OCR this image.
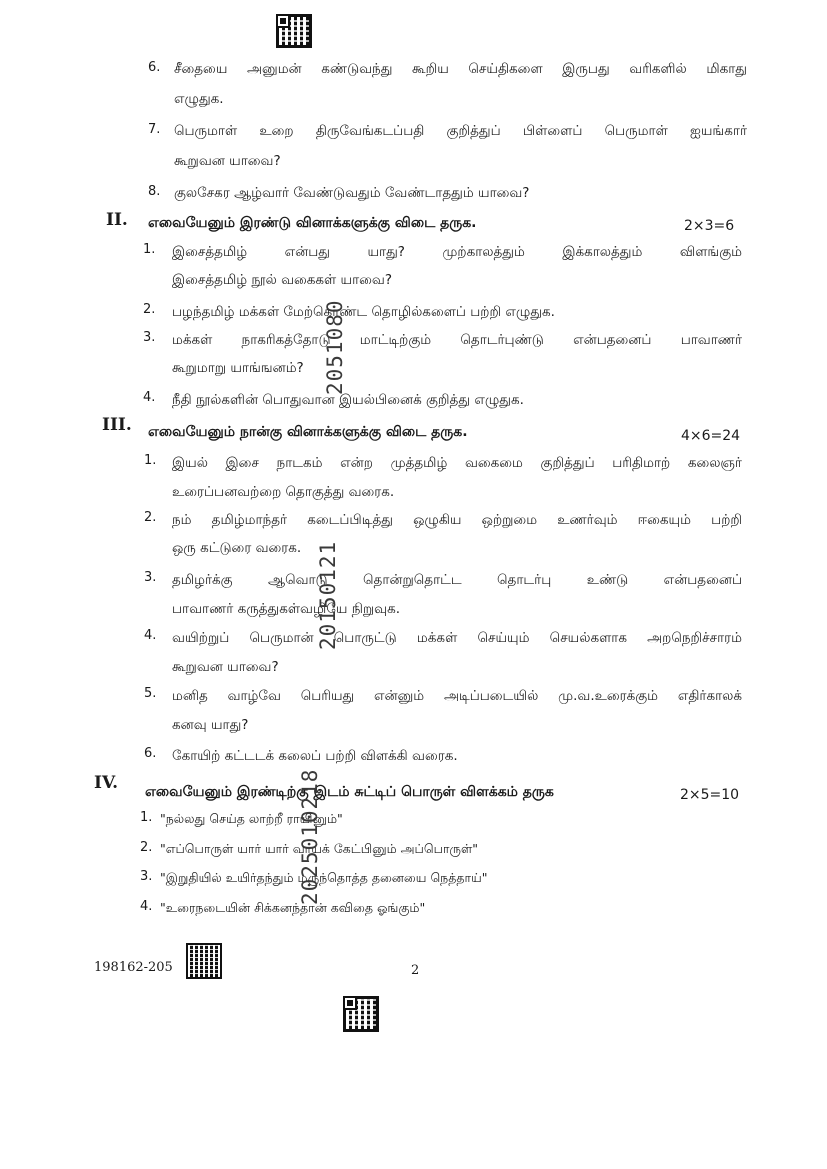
6. சீதையை அனுமன் கண்டுவந்து கூறிய செய்திகளை இருபது வரிகளில் மிகாது
எழுதுக.
7. பெருமாள் உறை திருவேங்கடப்பதி குறித்துப் பிள்ளைப் பெருமாள் ஐயங்கார்
கூறுவன யாவை?
8. குலசேகர ஆழ்வார் வேண்டுவதும் வேண்டாததும் யாவை?
II. எவையேனும் இரண்டு வினாக்களுக்கு விடை தருக.	2×3=6
1. இசைத்தமிழ் என்பது யாது? முற்காலத்தும் இக்காலத்தும் விளங்கும்
இசைத்தமிழ் நூல் வகைகள் யாவை?
2. பழந்தமிழ் மக்கள் மேற்கொண்ட தொழில்களைப் பற்றி எழுதுக.
3. மக்கள் நாகரிகத்தோடு மாட்டிற்கும் தொடர்புண்டு என்பதனைப் பாவாணர்
கூறுமாறு யாங்ஙனம்?
4. நீதி நூல்களின் பொதுவான இயல்பினைக் குறித்து எழுதுக.
III. எவையேனும் நான்கு வினாக்களுக்கு விடை தருக.	4×6=24
1. இயல் இசை நாடகம் என்ற முத்தமிழ் வகைமை குறித்துப் பரிதிமாற் கலைஞர்
உரைப்பனவற்றை தொகுத்து வரைக.
2. நம் தமிழ்மாந்தர் கடைப்பிடித்து ஒழுகிய ஒற்றுமை உணர்வும் ஈகையும் பற்றி
ஒரு கட்டுரை வரைக.
3. தமிழர்க்கு ஆவொடு தொன்றுதொட்ட தொடர்பு உண்டு என்பதனைப்
பாவாணர் கருத்துகள்வழியே நிறுவுக.
4. வயிற்றுப் பெருமான் பொருட்டு மக்கள் செய்யும் செயல்களாக அறநெறிச்சாரம்
கூறுவன யாவை?
5. மனித வாழ்வே பெரியது என்னும் அடிப்படையில் மு.வ.உரைக்கும் எதிர்காலக்
கனவு யாது?
6. கோயிற் கட்டடக் கலைப் பற்றி விளக்கி வரைக.
IV. எவையேனும் இரண்டிற்கு இடம் சுட்டிப் பொருள் விளக்கம் தருக	2×5=10
1. "நல்லது செய்த லாற்றீ ராயினும்"
2. "எப்பொருள் யார் யார் வாய்க் கேட்பினும் அப்பொருள்"
3. "இறுதியில் உயிர்தந்தும் மருந்தொத்த தனையை நெத்தாய்"
4. "உரைநடையின் சிக்கனந்தான் கவிதை ஓங்கும்"
2051080
20150121
2025010218
198162-205	2
